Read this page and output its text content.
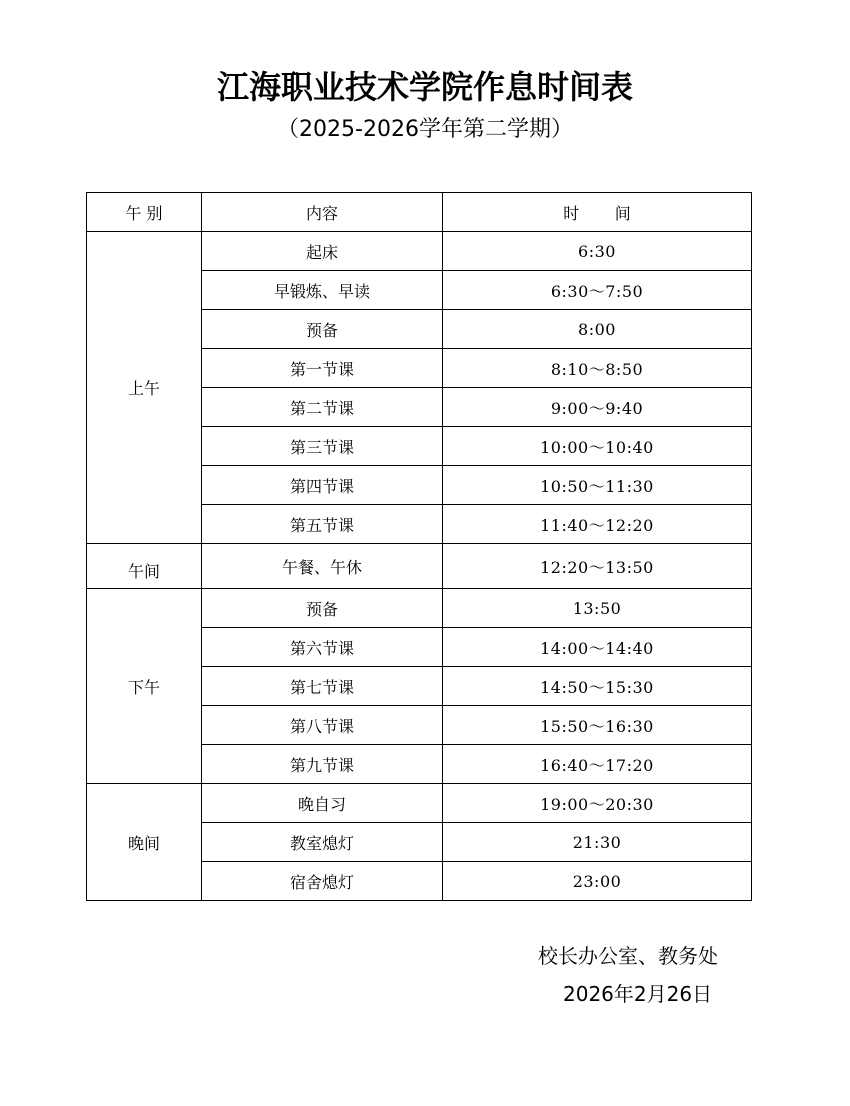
江海职业技术学院作息时间表
（2025-2026学年第二学期）
午 别	内容	时       间
上午	起床	6:30
	早锻炼、早读	6:30～7:50
	预备	8:00
	第一节课	8:10～8:50
	第二节课	9:00～9:40
	第三节课	10:00～10:40
	第四节课	10:50～11:30
	第五节课	11:40～12:20
午间	午餐、午休	12:20～13:50
下午	预备	13:50
	第六节课	14:00～14:40
	第七节课	14:50～15:30
	第八节课	15:50～16:30
	第九节课	16:40～17:20
晚间	晚自习	19:00～20:30
	教室熄灯	21:30
	宿舍熄灯	23:00
校长办公室、教务处
2026年2月26日
